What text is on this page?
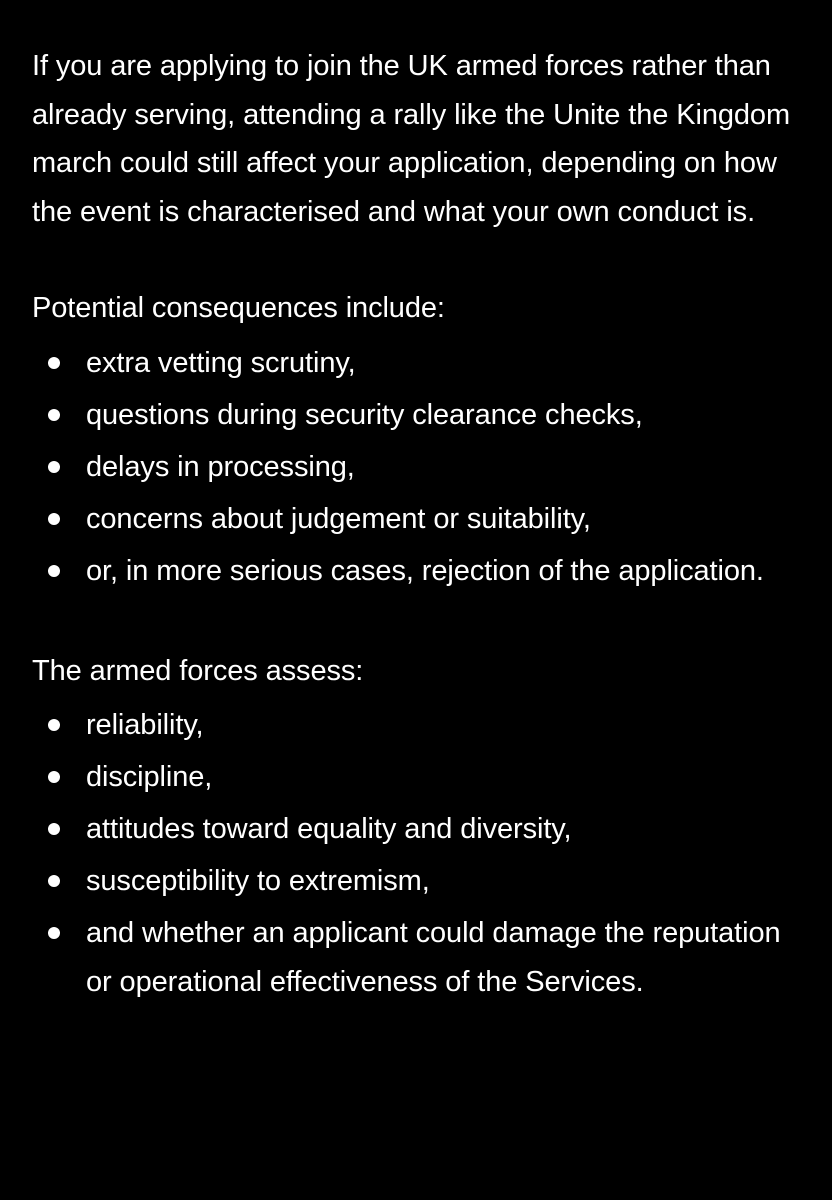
If you are applying to join the UK armed forces rather than already serving, attending a rally like the Unite the Kingdom march could still affect your application, depending on how the event is characterised and what your own conduct is.

Potential consequences include:

extra vetting scrutiny,
questions during security clearance checks,
delays in processing,
concerns about judgement or suitability,
or, in more serious cases, rejection of the application.

The armed forces assess:

reliability,
discipline,
attitudes toward equality and diversity,
susceptibility to extremism,
and whether an applicant could damage the reputation or operational effectiveness of the Services.
